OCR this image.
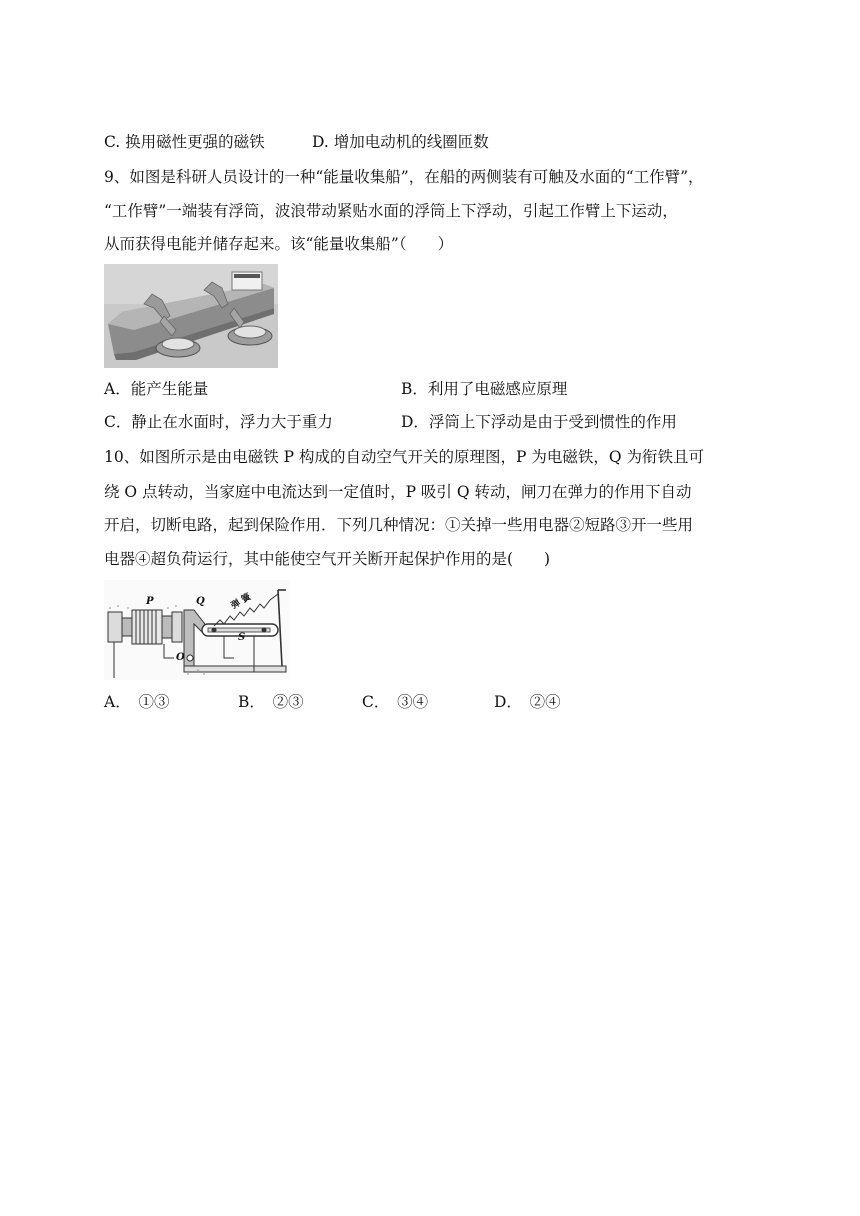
C. 换用磁性更强的磁铁	D. 增加电动机的线圈匝数
9、如图是科研人员设计的一种“能量收集船”，在船的两侧装有可触及水面的“工作臂”，
“工作臂”一端装有浮筒，波浪带动紧贴水面的浮筒上下浮动，引起工作臂上下运动，
从而获得电能并储存起来。该“能量收集船”（　　）
A．能产生能量	B．利用了电磁感应原理
C．静止在水面时，浮力大于重力	D．浮筒上下浮动是由于受到惯性的作用
10、如图所示是由电磁铁 P 构成的自动空气开关的原理图，P 为电磁铁，Q 为衔铁且可
绕 O 点转动，当家庭中电流达到一定值时，P 吸引 Q 转动，闸刀在弹力的作用下自动
开启，切断电路，起到保险作用．下列几种情况：①关掉一些用电器②短路③开一些用
电器④超负荷运行，其中能使空气开关断开起保护作用的是(　　)
P	Q
O
S
弹 簧
A．　①③	B．　②③	C．　③④	D．　②④
